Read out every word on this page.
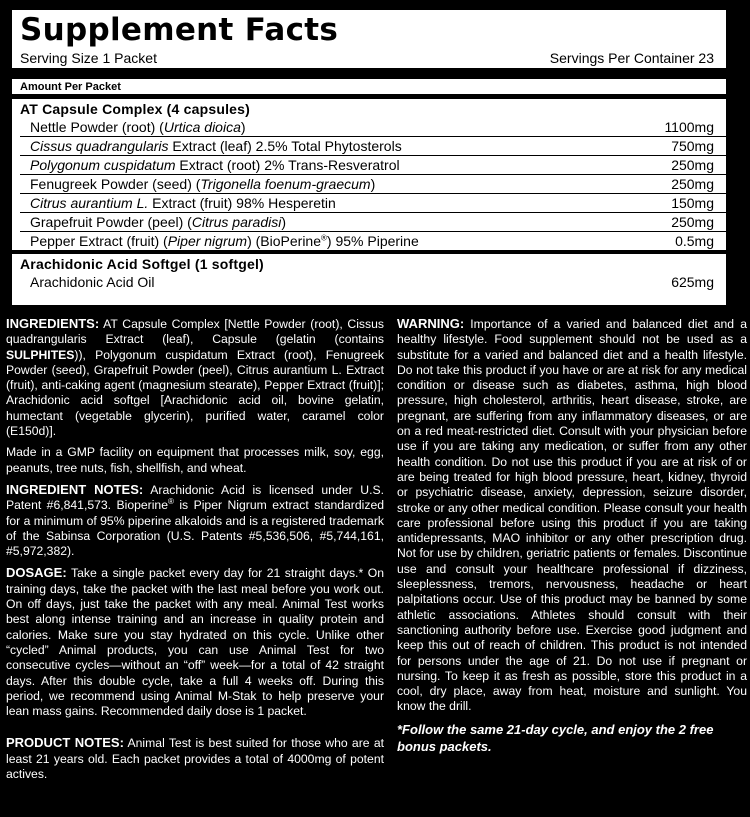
Supplement Facts
Serving Size 1 Packet	Servings Per Container 23
Amount Per Packet
AT Capsule Complex (4 capsules)
Nettle Powder (root) (Urtica dioica)	1100mg
Cissus quadrangularis Extract (leaf) 2.5% Total Phytosterols	750mg
Polygonum cuspidatum Extract (root) 2% Trans-Resveratrol	250mg
Fenugreek Powder (seed) (Trigonella foenum-graecum)	250mg
Citrus aurantium L. Extract (fruit) 98% Hesperetin	150mg
Grapefruit Powder (peel) (Citrus paradisi)	250mg
Pepper Extract (fruit) (Piper nigrum) (BioPerine®) 95% Piperine	0.5mg
Arachidonic Acid Softgel (1 softgel)
Arachidonic Acid Oil	625mg

INGREDIENTS: AT Capsule Complex [Nettle Powder (root), Cissus quadrangularis Extract (leaf), Capsule (gelatin (contains SULPHITES)), Polygonum cuspidatum Extract (root), Fenugreek Powder (seed), Grapefruit Powder (peel), Citrus aurantium L. Extract (fruit), anti-caking agent (magnesium stearate), Pepper Extract (fruit)]; Arachidonic acid softgel [Arachidonic acid oil, bovine gelatin, humectant (vegetable glycerin), purified water, caramel color (E150d)].

Made in a GMP facility on equipment that processes milk, soy, egg, peanuts, tree nuts, fish, shellfish, and wheat.

INGREDIENT NOTES: Arachidonic Acid is licensed under U.S. Patent #6,841,573. Bioperine® is Piper Nigrum extract standardized for a minimum of 95% piperine alkaloids and is a registered trademark of the Sabinsa Corporation (U.S. Patents #5,536,506, #5,744,161, #5,972,382).

DOSAGE: Take a single packet every day for 21 straight days.* On training days, take the packet with the last meal before you work out. On off days, just take the packet with any meal. Animal Test works best along intense training and an increase in quality protein and calories. Make sure you stay hydrated on this cycle. Unlike other “cycled” Animal products, you can use Animal Test for two consecutive cycles—without an “off” week—for a total of 42 straight days. After this double cycle, take a full 4 weeks off. During this period, we recommend using Animal M-Stak to help preserve your lean mass gains. Recommended daily dose is 1 packet.

PRODUCT NOTES: Animal Test is best suited for those who are at least 21 years old. Each packet provides a total of 4000mg of potent actives.

WARNING: Importance of a varied and balanced diet and a healthy lifestyle. Food supplement should not be used as a substitute for a varied and balanced diet and a health lifestyle. Do not take this product if you have or are at risk for any medical condition or disease such as diabetes, asthma, high blood pressure, high cholesterol, arthritis, heart disease, stroke, are pregnant, are suffering from any inflammatory diseases, or are on a red meat-restricted diet. Consult with your physician before use if you are taking any medication, or suffer from any other health condition. Do not use this product if you are at risk of or are being treated for high blood pressure, heart, kidney, thyroid or psychiatric disease, anxiety, depression, seizure disorder, stroke or any other medical condition. Please consult your health care professional before using this product if you are taking antidepressants, MAO inhibitor or any other prescription drug. Not for use by children, geriatric patients or females. Discontinue use and consult your healthcare professional if dizziness, sleeplessness, tremors, nervousness, headache or heart palpitations occur. Use of this product may be banned by some athletic associations. Athletes should consult with their sanctioning authority before use. Exercise good judgment and keep this out of reach of children. This product is not intended for persons under the age of 21. Do not use if pregnant or nursing. To keep it as fresh as possible, store this product in a cool, dry place, away from heat, moisture and sunlight. You know the drill.

*Follow the same 21-day cycle, and enjoy the 2 free bonus packets.
